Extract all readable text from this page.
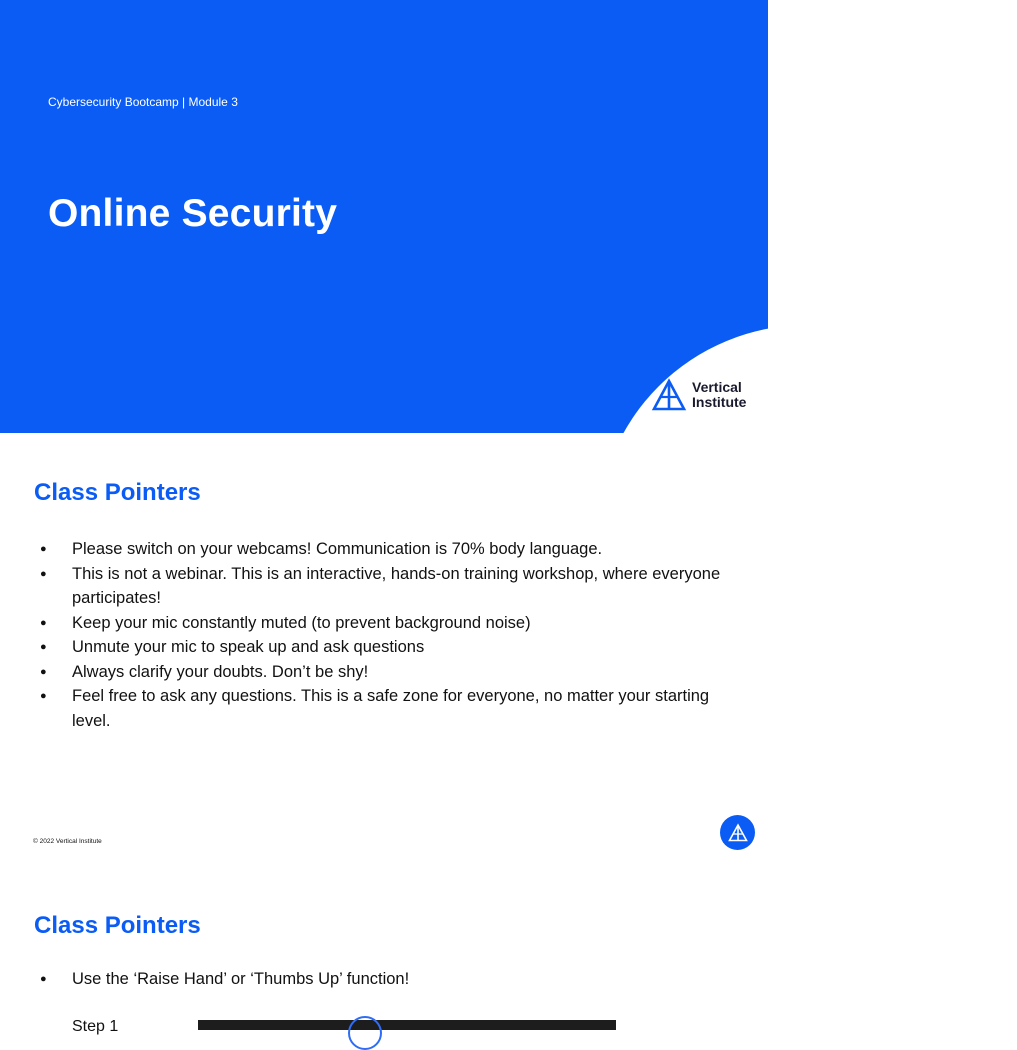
Cybersecurity Bootcamp | Module 3
Online Security
Vertical
Institute
Class Pointers
● Please switch on your webcams! Communication is 70% body language.
● This is not a webinar. This is an interactive, hands-on training workshop, where everyone participates!
● Keep your mic constantly muted (to prevent background noise)
● Unmute your mic to speak up and ask questions
● Always clarify your doubts. Don’t be shy!
● Feel free to ask any questions. This is a safe zone for everyone, no matter your starting level.
© 2022 Vertical Institute
Class Pointers
● Use the ‘Raise Hand’ or ‘Thumbs Up’ function!
Step 1
